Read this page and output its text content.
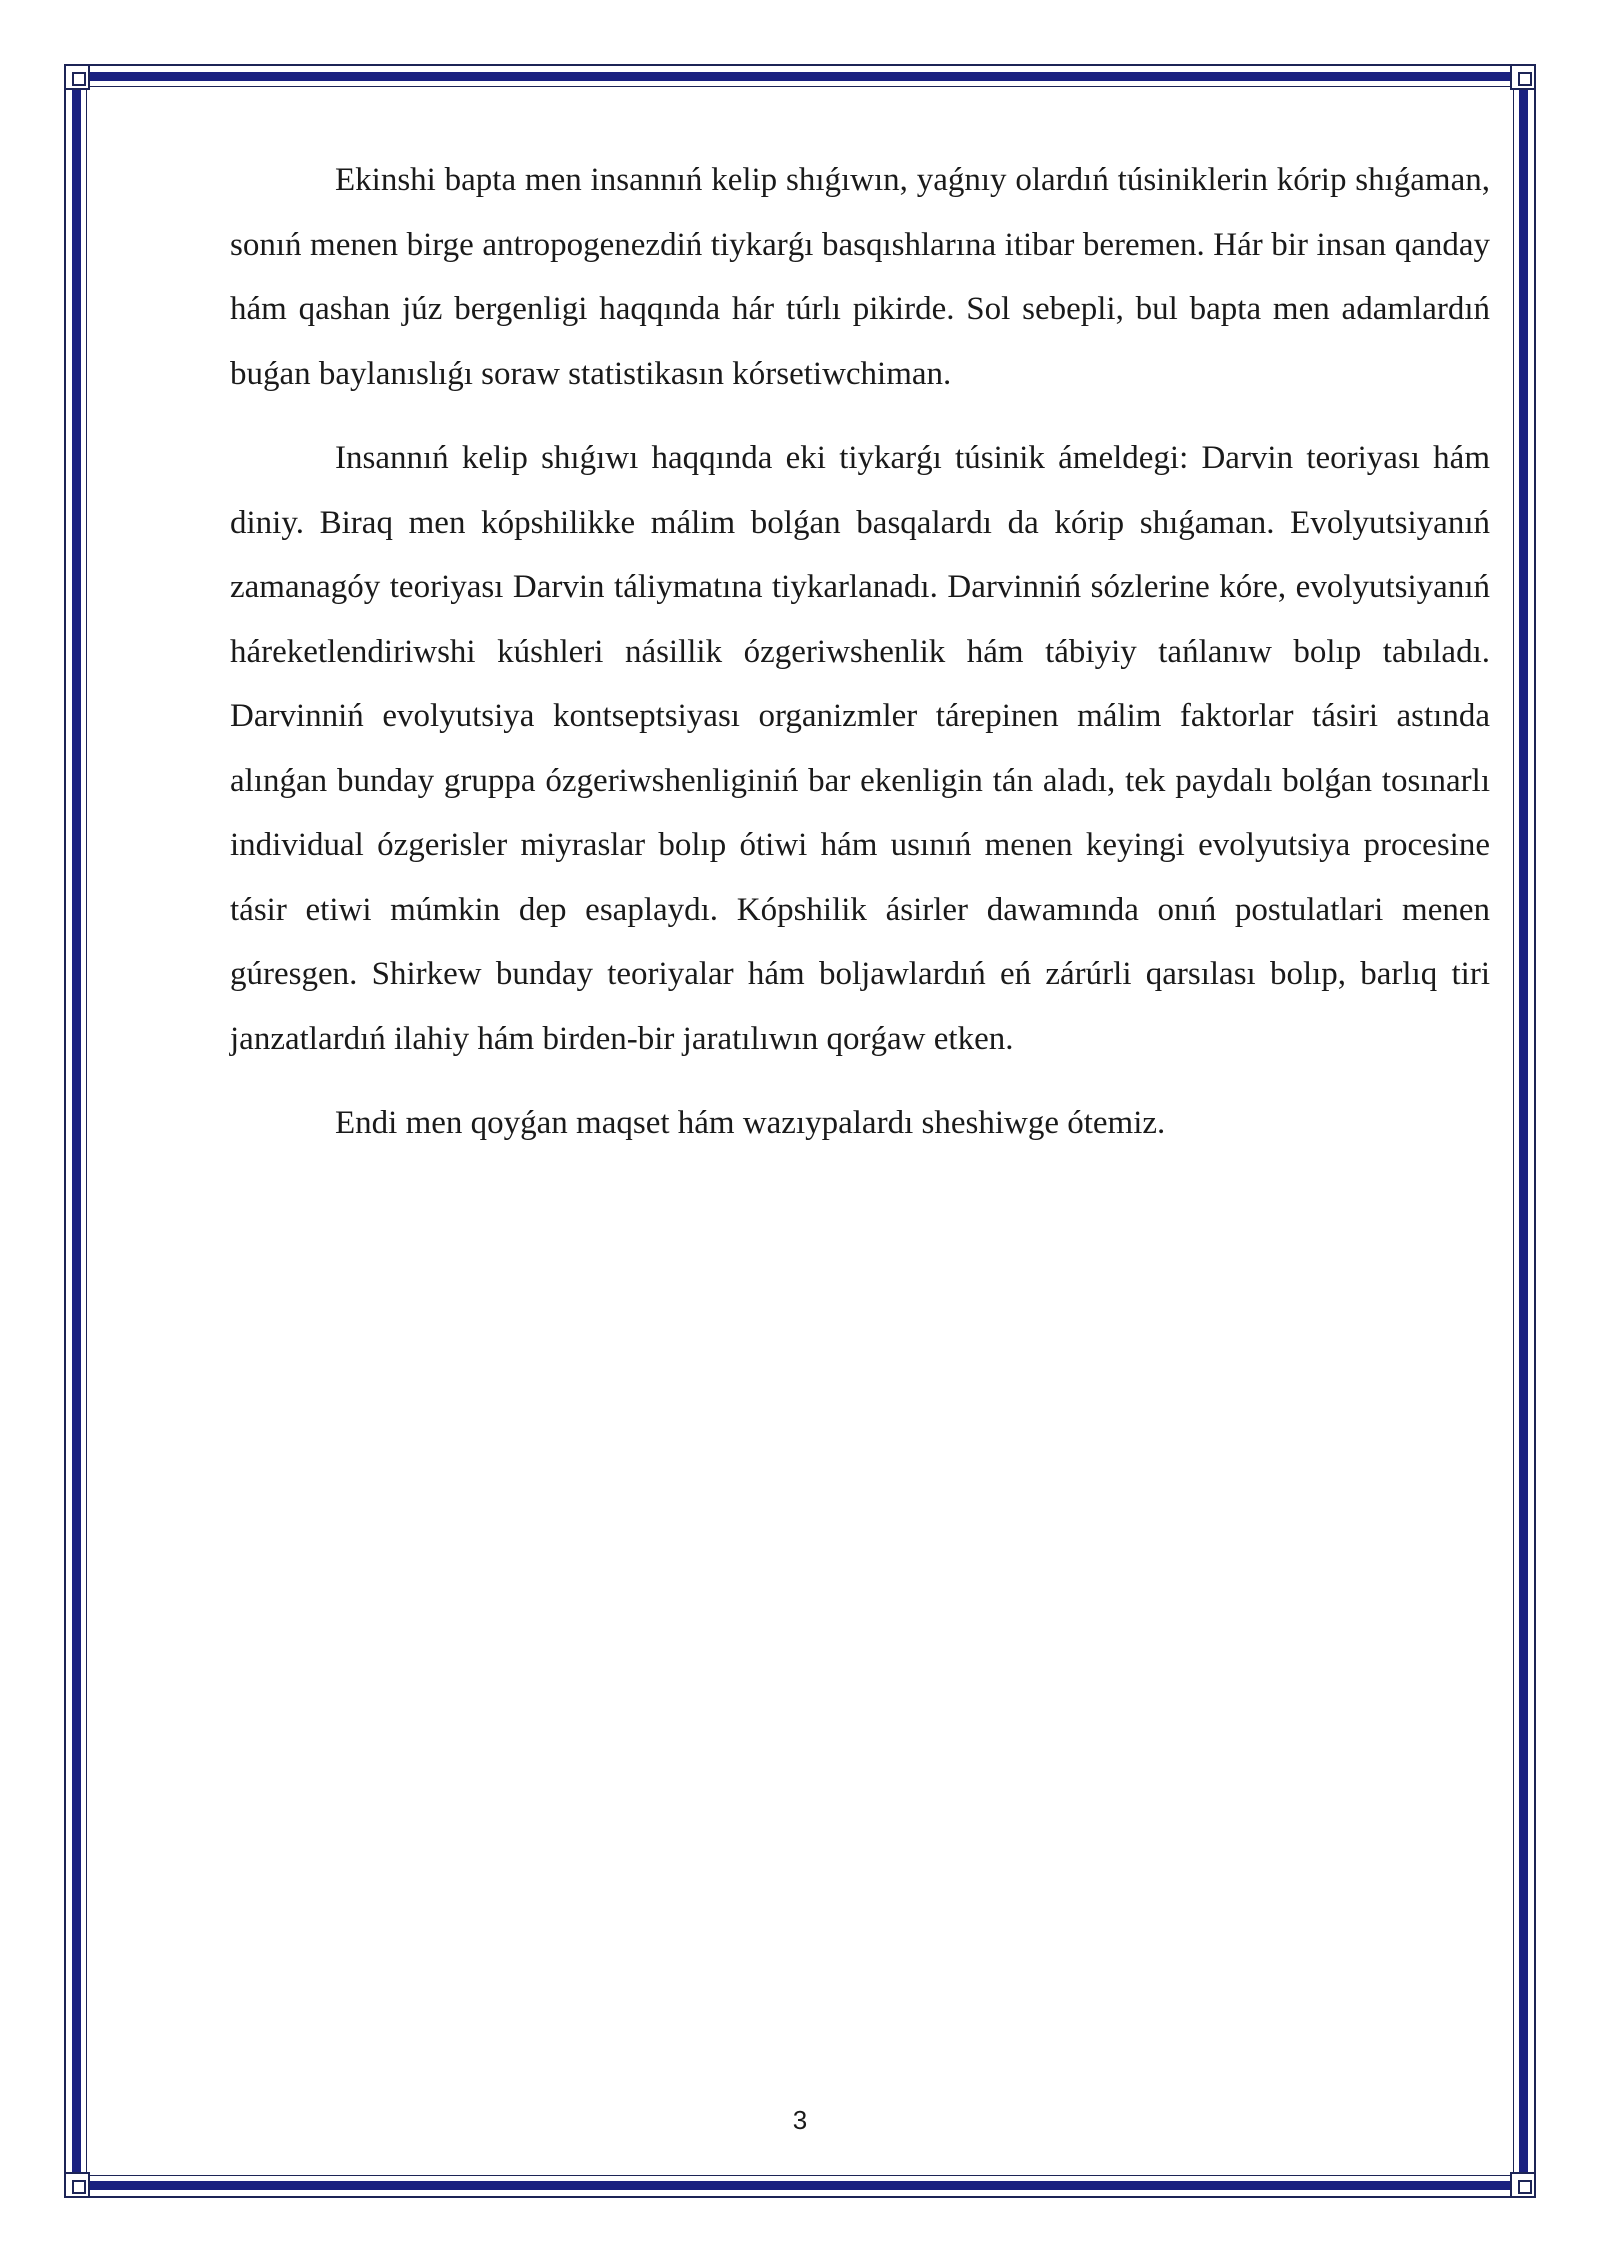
Ekinshi bapta men insannıń kelip shıǵıwın, yaǵnıy olardıń túsiniklerin kórip shıǵaman, sonıń menen birge antropogenezdiń tiykarǵı basqıshlarına itibar beremen. Hár bir insan qanday hám qashan júz bergenligi haqqında hár túrlı pikirde. Sol sebepli, bul bapta men adamlardıń buǵan baylanıslıǵı soraw statistikasın kórsetiwchiman.

Insannıń kelip shıǵıwı haqqında eki tiykarǵı túsinik ámeldegi: Darvin teoriyası hám diniy. Biraq men kópshilikke málim bolǵan basqalardı da kórip shıǵaman. Evolyutsiyanıń zamanagóy teoriyası Darvin táliymatına tiykarlanadı. Darvinniń sózlerine kóre, evolyutsiyanıń háreketlendiriwshi kúshleri násillik ózgeriwshenlik hám tábiyiy tańlanıw bolıp tabıladı. Darvinniń evolyutsiya kontseptsiyası organizmler tárepinen málim faktorlar tásiri astında alınǵan bunday gruppa ózgeriwshenliginiń bar ekenligin tán aladı, tek paydalı bolǵan tosınarlı individual ózgerisler miyraslar bolıp ótiwi hám usınıń menen keyingi evolyutsiya procesine tásir etiwi múmkin dep esaplaydı. Kópshilik ásirler dawamında onıń postulatlari menen gúresgen. Shirkew bunday teoriyalar hám boljawlardıń eń zárúrli qarsılası bolıp, barlıq tiri janzatlardıń ilahiy hám birden-bir jaratılıwın qorǵaw etken.

Endi men qoyǵan maqset hám wazıypalardı sheshiwge ótemiz.

3
